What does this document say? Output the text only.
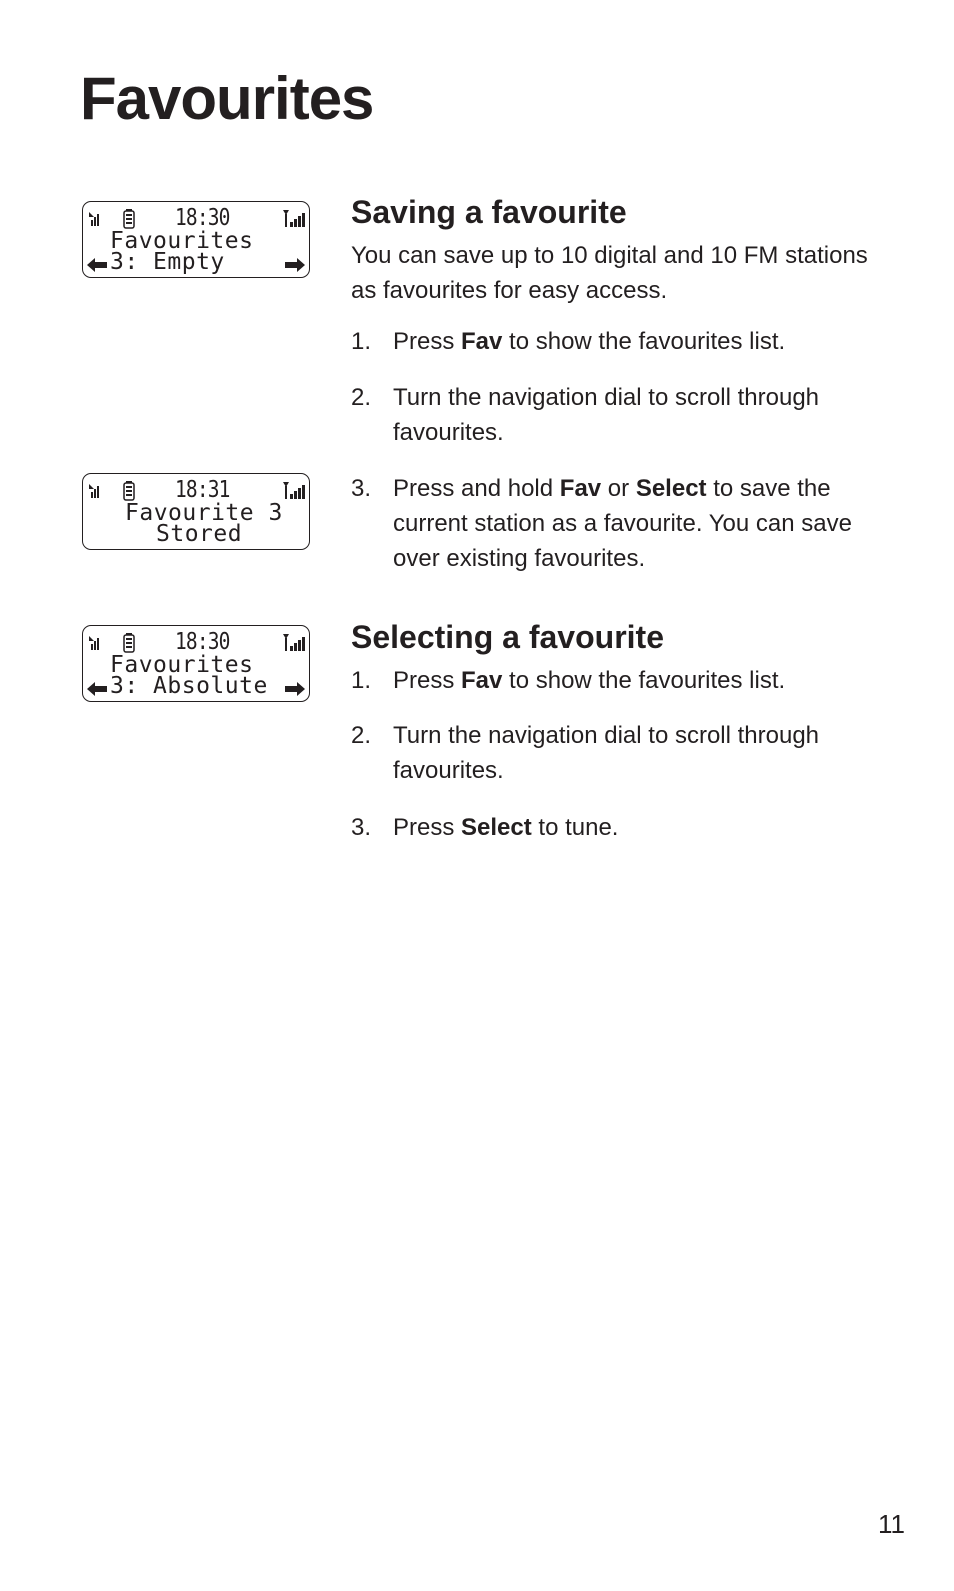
Favourites
18:30
Favourites
3: Empty
18:31
Favourite 3
Stored
18:30
Favourites
3: Absolute
Saving a favourite

You can save up to 10 digital and 10 FM stations as favourites for easy access.

1. Press Fav to show the favourites list.
2. Turn the navigation dial to scroll through favourites.
3. Press and hold Fav or Select to save the current station as a favourite. You can save over existing favourites.
Selecting a favourite
1. Press Fav to show the favourites list.
2. Turn the navigation dial to scroll through favourites.
3. Press Select to tune.
11
